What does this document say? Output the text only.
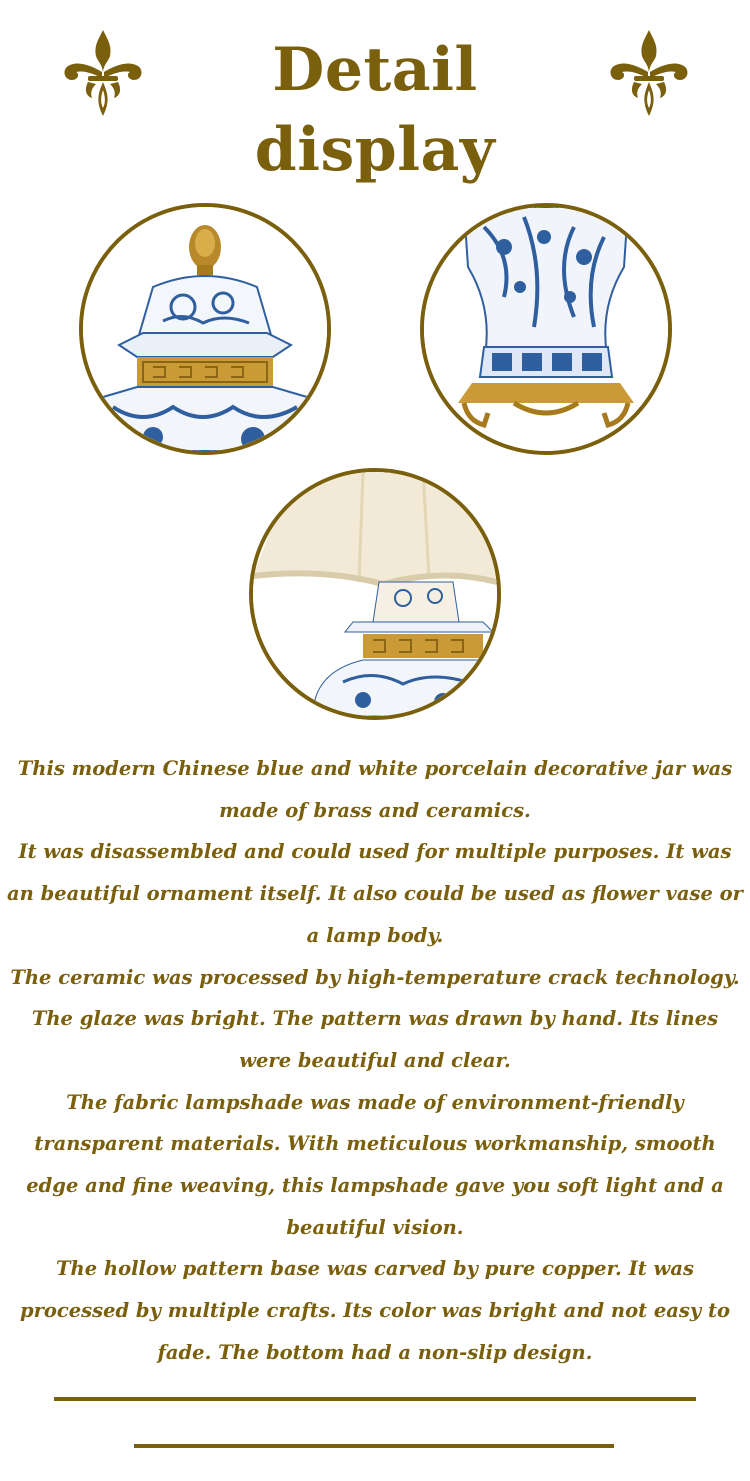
Detail display

This modern Chinese blue and white porcelain decorative jar was made of brass and ceramics.

It was disassembled and could used for multiple purposes. It was an beautiful ornament itself. It also could be used as flower vase or a lamp body.

The ceramic was processed by high-temperature crack technology. The glaze was bright. The pattern was drawn by hand. Its lines were beautiful and clear.

The fabric lampshade was made of environment-friendly transparent materials. With meticulous workmanship, smooth edge and fine weaving, this lampshade gave you soft light and a beautiful vision.

The hollow pattern base was carved by pure copper. It was processed by multiple crafts. Its color was bright and not easy to fade. The bottom had a non-slip design.
